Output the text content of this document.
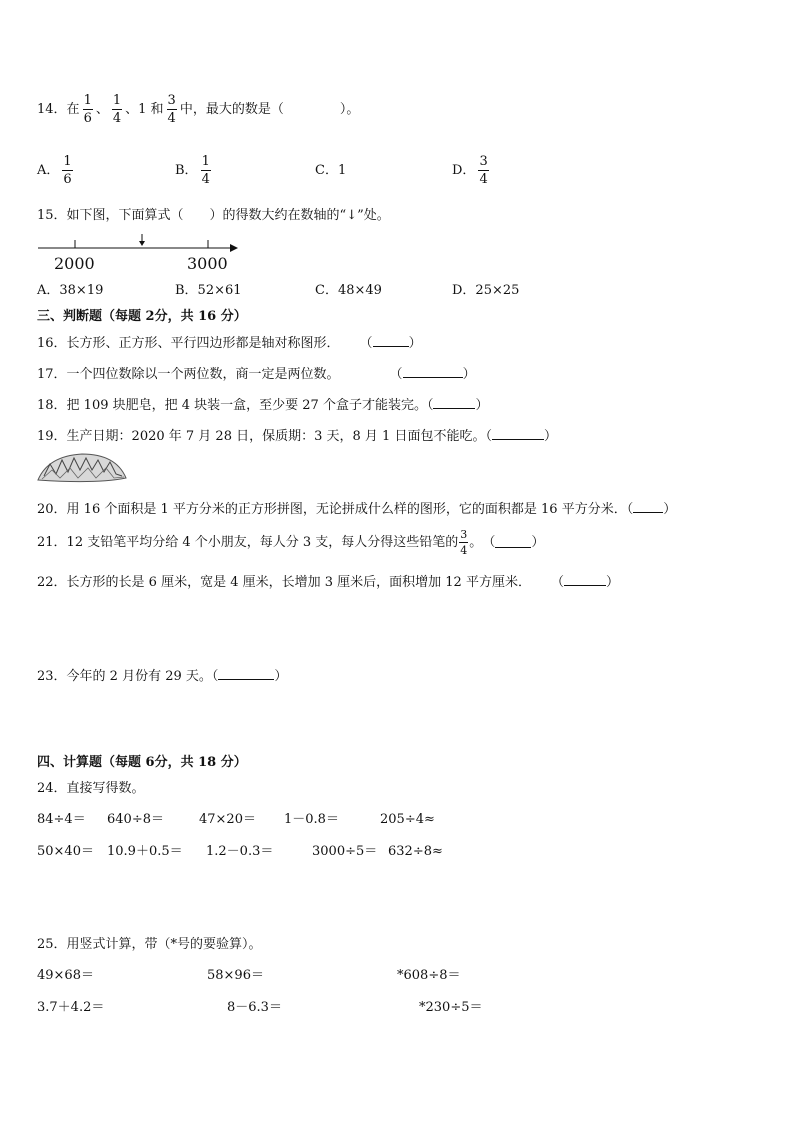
14． 在 $\frac{1}{6}$ 、 $\frac{1}{4}$ 、1 和 $\frac{3}{4}$ 中，最大的数是（	）。
A． $\frac{1}{6}$	B． $\frac{1}{4}$	C．1	D． $\frac{3}{4}$
15．如下图，下面算式（　　）的得数大约在数轴的“↓”处。
2000	3000
A．38×19	B．52×61	C．48×49	D．25×25
三、判断题（每题 2分，共 16 分）
16．长方形、正方形、平行四边形都是轴对称图形． （	）
17．一个四位数除以一个两位数，商一定是两位数。	（	）
18．把 109 块肥皂，把 4 块装一盒，至少要 27 个盒子才能装完。（	）
19．生产日期：2020 年 7 月 28 日，保质期：3 天，8 月 1 日面包不能吃。（	）
20．用 16 个面积是 1 平方分米的正方形拼图，无论拼成什么样的图形，它的面积都是 16 平方分米．（ ）
21．12 支铅笔平均分给 4 个小朋友，每人分 3 支，每人分得这些铅笔的 $\frac{3}{4}$ 。 （	）
22．长方形的长是 6 厘米，宽是 4 厘米，长增加 3 厘米后，面积增加 12 平方厘米． （	）
23．今年的 2 月份有 29 天。（	）
四、计算题（每题 6分，共 18 分）
24．直接写得数。
84÷4＝ 640÷8＝	47×20＝ 1－0.8＝	205÷4≈
50×40＝ 10.9＋0.5＝ 1.2－0.3＝	3000÷5＝ 632÷8≈
25．用竖式计算，带（*号的要验算）。
49×68＝	58×96＝	*608÷8＝
3.7＋4.2＝	8－6.3＝	*230÷5＝
